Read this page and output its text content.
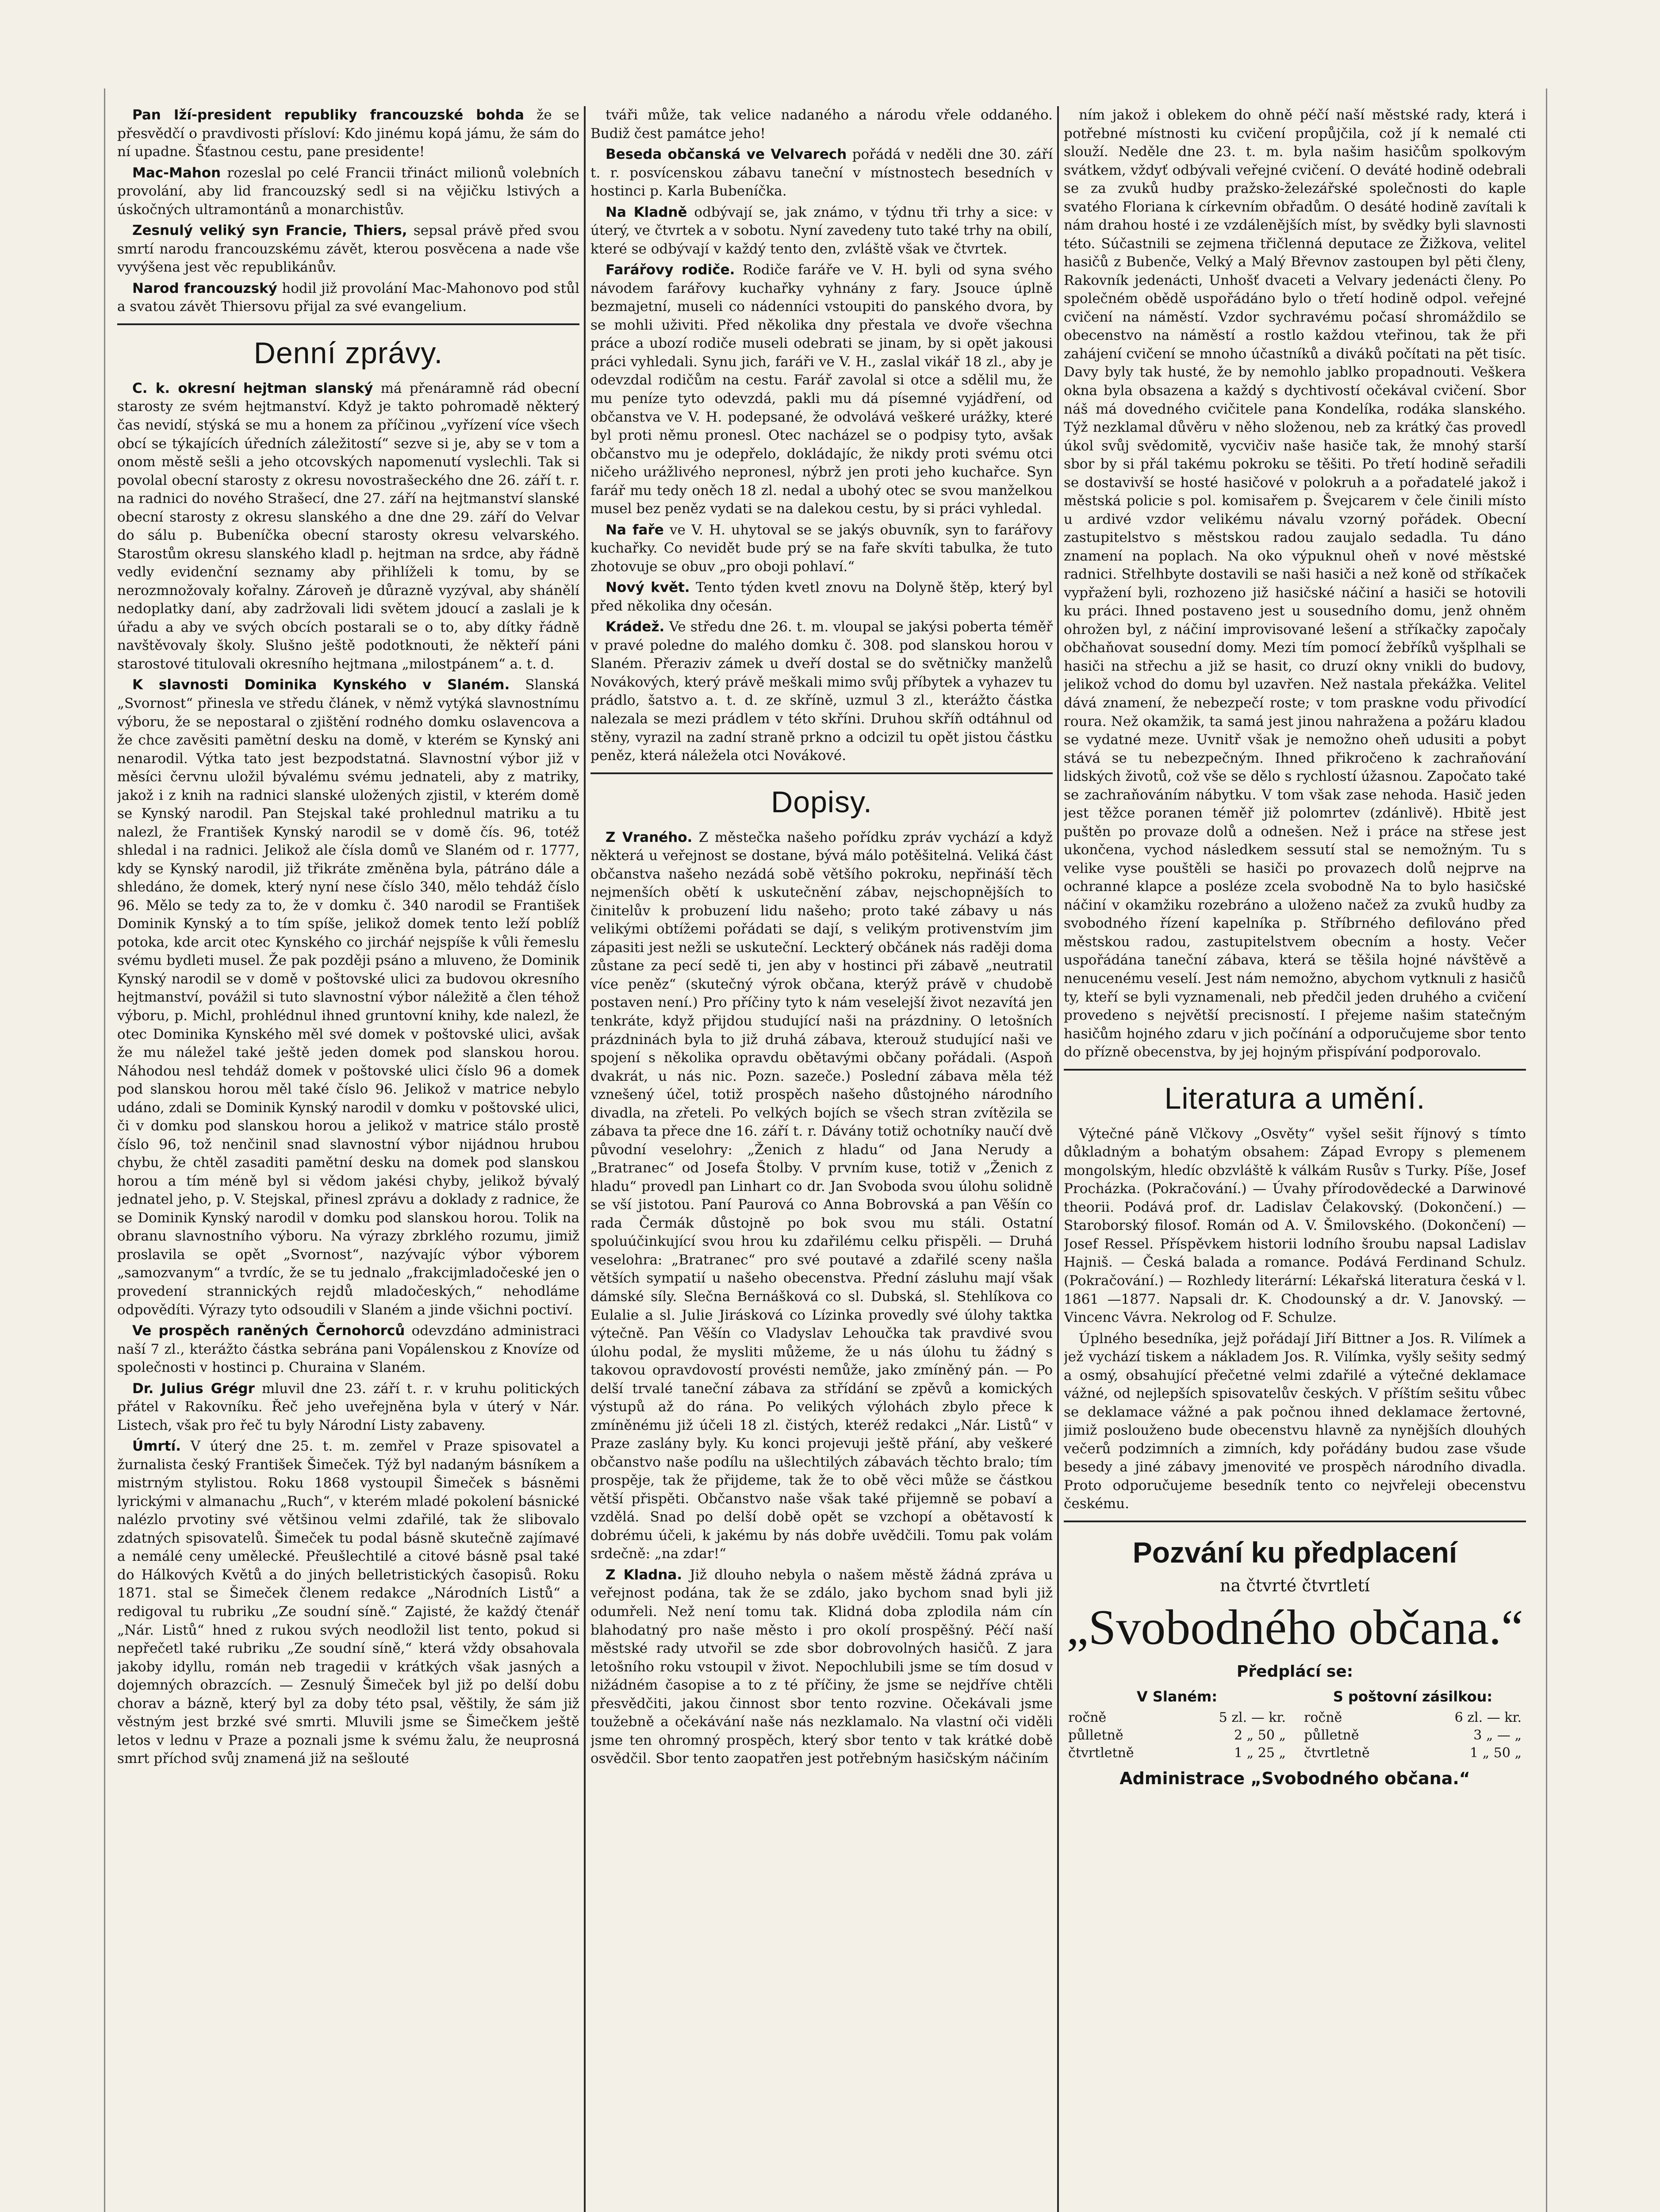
Pan Iží-president republiky francouzské bohda že se přesvědčí o pravdivosti přísloví: Kdo jinému kopá jámu, že sám do ní upadne. Šťastnou cestu, pane presidente!

Mac-Mahon rozeslal po celé Francii třináct milionů volebních provolání, aby lid francouzský sedl si na vějičku lstivých a úskočných ultramontánů a monarchistův.

Zesnulý veliký syn Francie, Thiers, sepsal právě před svou smrtí narodu francouzskému závět, kterou posvěcena a nade vše vyvýšena jest věc republikánův.

Narod francouzský hodil již provolání Mac-Mahonovo pod stůl a svatou závět Thiersovu přijal za své evangelium.

Denní zprávy.

C. k. okresní hejtman slanský má přenáramně rád obecní starosty ze svém hejtmanství. Když je takto pohromadě některý čas nevidí, stýská se mu a honem za příčinou „vyřízení více všech obcí se týkajících úředních záležitostí“ sezve si je, aby se v tom a onom městě sešli a jeho otcovských napomenutí vyslechli. Tak si povolal obecní starosty z okresu novostrašeckého dne 26. září t. r. na radnici do nového Strašecí, dne 27. září na hejtmanství slanské obecní starosty z okresu slanského a dne dne 29. září do Velvar do sálu p. Bubeníčka obecní starosty okresu velvarského. Starostům okresu slanského kladl p. hejtman na srdce, aby řádně vedly evidenční seznamy aby přihlíželi k tomu, by se nerozmnožovaly kořalny. Zároveň je důrazně vyzýval, aby shánělí nedoplatky daní, aby zadržovali lidi světem jdoucí a zaslali je k úřadu a aby ve svých obcích postarali se o to, aby dítky řádně navštěvovaly školy. Slušno ještě podotknouti, že někteří páni starostové titulovali okresního hejtmana „milostpánem“ a. t. d.

K slavnosti Dominika Kynského v Slaném. Slanská „Svornost“ přinesla ve středu článek, v němž vytýká slavnostnímu výboru, že se nepostaral o zjištění rodného domku oslavencova a že chce zavěsiti pamětní desku na domě, v kterém se Kynský ani nenarodil. Výtka tato jest bezpodstatná. Slavnostní výbor již v měsíci červnu uložil bývalému svému jednateli, aby z matriky, jakož i z knih na radnici slanské uložených zjistil, v kterém domě se Kynský narodil. Pan Stejskal také prohlednul matriku a tu nalezl, že František Kynský narodil se v domě čís. 96, totéž shledal i na radnici. Jelikož ale čísla domů ve Slaném od r. 1777, kdy se Kynský narodil, již třikráte změněna byla, pátráno dále a shledáno, že domek, který nyní nese číslo 340, mělo tehdáž číslo 96. Mělo se tedy za to, že v domku č. 340 narodil se František Dominik Kynský a to tím spíše, jelikož domek tento leží poblíž potoka, kde arcit otec Kynského co jircháŕ nejspíše k vůli řemeslu svému bydleti musel. Že pak později psáno a mluveno, že Dominik Kynský narodil se v domě v poštovské ulici za budovou okresního hejtmanství, povážil si tuto slavnostní výbor náležitě a člen téhož výboru, p. Michl, prohlédnul ihned gruntovní knihy, kde nalezl, že otec Dominika Kynského měl své domek v poštovské ulici, avšak že mu náležel také ještě jeden domek pod slanskou horou. Náhodou nesl tehdáž domek v poštovské ulici číslo 96 a domek pod slanskou horou měl také číslo 96. Jelikož v matrice nebylo udáno, zdali se Dominik Kynský narodil v domku v poštovské ulici, či v domku pod slanskou horou a jelikož v matrice stálo prostě číslo 96, tož nenčinil snad slavnostní výbor nijádnou hrubou chybu, že chtěl zasaditi pamětní desku na domek pod slanskou horou a tím méně byl si vědom jakési chyby, jelikož bývalý jednatel jeho, p. V. Stejskal, přinesl zprávu a doklady z radnice, že se Dominik Kynský narodil v domku pod slanskou horou. Tolik na obranu slavnostního výboru. Na výrazy zbrklého rozumu, jimiž proslavila se opět „Svornost“, nazývajíc výbor výborem „samozvanym“ a tvrdíc, že se tu jednalo „frakcijmladočeské jen o provedení strannických rejdů mladočeských,“ nehodláme odpovědíti. Výrazy tyto odsoudili v Slaném a jinde všichni poctiví.

Ve prospěch raněných Černohorců odevzdáno administraci naší 7 zl., kterážto částka sebrána pani Vopálenskou z Knovíze od společnosti v hostinci p. Churaina v Slaném.

Dr. Julius Grégr mluvil dne 23. září t. r. v kruhu politických přátel v Rakovníku. Řeč jeho uveřejněna byla v úterý v Nár. Listech, však pro řeč tu byly Národní Listy zabaveny.

Úmrtí. V úterý dne 25. t. m. zemřel v Praze spisovatel a žurnalista český František Šimeček. Týž byl nadaným básníkem a mistrným stylistou. Roku 1868 vystoupil Šimeček s básněmi lyrickými v almanachu „Ruch“, v kterém mladé pokolení básnické nalézlo prvotiny své většinou velmi zdařilé, tak že slibovalo zdatných spisovatelů. Šimeček tu podal básně skutečně zajímavé a nemálé ceny umělecké. Přeušlechtilé a citové básně psal také do Hálkových Květů a do jiných belletristických časopisů. Roku 1871. stal se Šimeček členem redakce „Národních Listů“ a redigoval tu rubriku „Ze soudní síně.“ Zajisté, že každý čtenář „Nár. Listů“ hned z rukou svých neodložil list tento, pokud si nepřečetl také rubriku „Ze soudní síně,“ která vždy obsahovala jakoby idyllu, román neb tragedii v krátkých však jasných a dojemných obrazcích. — Zesnulý Šimeček byl již po delší dobu chorav a bázně, který byl za doby této psal, věštily, že sám již věstným jest brzké své smrti. Mluvili jsme se Šimečkem ještě letos v lednu v Praze a poznali jsme k svému žalu, že neuprosná smrt příchod svůj znamená již na sešlouté

tváři může, tak velice nadaného a národu vřele oddaného. Budiž čest památce jeho!

Beseda občanská ve Velvarech pořádá v neděli dne 30. září t. r. posvícenskou zábavu taneční v místnostech besedních v hostinci p. Karla Bubeníčka.

Na Kladně odbývají se, jak známo, v týdnu tři trhy a sice: v úterý, ve čtvrtek a v sobotu. Nyní zavedeny tuto také trhy na obilí, které se odbývají v každý tento den, zvláště však ve čtvrtek.

Farářovy rodiče. Rodiče faráře ve V. H. byli od syna svého návodem farářovy kuchařky vyhnány z fary. Jsouce úplně bezmajetní, museli co nádenníci vstoupiti do panského dvora, by se mohli uživiti. Před několika dny přestala ve dvoře všechna práce a ubozí rodiče museli odebrati se jinam, by si opět jakousi práci vyhledali. Synu jich, faráři ve V. H., zaslal vikář 18 zl., aby je odevzdal rodičům na cestu. Farář zavolal si otce a sdělil mu, že mu peníze tyto odevzdá, pakli mu dá písemné vyjádření, od občanstva ve V. H. podepsané, že odvolává veškeré urážky, které byl proti němu pronesl. Otec nacházel se o podpisy tyto, avšak občanstvo mu je odepřelo, dokládajíc, že nikdy proti svému otci ničeho urážlivého nepronesl, nýbrž jen proti jeho kuchařce. Syn farář mu tedy oněch 18 zl. nedal a ubohý otec se svou manželkou musel bez peněz vydati se na dalekou cestu, by si práci vyhledal.

Na faře ve V. H. uhytoval se se jakýs obuvník, syn to farářovy kuchařky. Co nevidět bude prý se na faře skvíti tabulka, že tuto zhotovuje se obuv „pro oboji pohlaví.“

Nový květ. Tento týden kvetl znovu na Dolyně štěp, který byl před několika dny očesán.

Krádež. Ve středu dne 26. t. m. vloupal se jakýsi poberta téměř v pravé poledne do malého domku č. 308. pod slanskou horou v Slaném. Přeraziv zámek u dveří dostal se do světničky manželů Novákových, který právě meškali mimo svůj příbytek a vyhazev tu prádlo, šatstvo a. t. d. ze skříně, uzmul 3 zl., kterážto částka nalezala se mezi prádlem v této skříni. Druhou skříň odtáhnul od stěny, vyrazil na zadní straně prkno a odcizil tu opět jistou částku peněz, která náležela otci Novákové.

Dopisy.

Z Vraného. Z městečka našeho pořídku zpráv vychází a když některá u veřejnost se dostane, bývá málo potěšitelná. Veliká část občanstva našeho nezádá sobě většího pokroku, nepřináší těch nejmenších obětí k uskutečnění zábav, nejschopnějších to činitelův k probuzení lidu našeho; proto také zábavy u nás velikými obtížemi pořádati se dají, s velikým protivenstvím jim zápasiti jest nežli se uskuteční. Leckterý občánek nás raději doma zůstane za pecí sedě ti, jen aby v hostinci při zábavě „neutratil více peněz“ (skutečný výrok občana, kterýž právě v chudobě postaven není.) Pro příčiny tyto k nám veselejší život nezavítá jen tenkráte, když přijdou studující naši na prázdniny. O letošních prázdninách byla to již druhá zábava, kterouž studující naši ve spojení s několika opravdu obětavými občany pořádali. (Aspoň dvakrát, u nás nic. Pozn. sazeče.) Poslední zábava měla též vznešený účel, totiž prospěch našeho důstojného národního divadla, na zřeteli. Po velkých bojích se všech stran zvítězila se zábava ta přece dne 16. září t. r. Dávány totiž ochotníky naučí dvě původní veselohry: „Ženich z hladu“ od Jana Nerudy a „Bratranec“ od Josefa Štolby. V prvním kuse, totiž v „Ženich z hladu“ provedl pan Linhart co dr. Jan Svoboda svou úlohu solidně se vší jistotou. Paní Paurová co Anna Bobrovská a pan Věšín co rada Čermák důstojně po bok svou mu stáli. Ostatní spoluúčinkující svou hrou ku zdařilému celku přispěli. — Druhá veselohra: „Bratranec“ pro své poutavé a zdařilé sceny našla větších sympatií u našeho obecenstva. Přední zásluhu mají však dámské síly. Slečna Bernášková co sl. Dubská, sl. Stehlíkova co Eulalie a sl. Julie Jirásková co Lízinka provedly své úlohy taktka výtečně. Pan Věšín co Vladyslav Lehoučka tak pravdivé svou úlohu podal, že mysliti můžeme, že u nás úlohu tu žádný s takovou opravdovostí provésti nemůže, jako zmíněný pán. — Po delší trvalé taneční zábava za střídání se zpěvů a komických výstupů až do rána. Po velikých výlohách zbylo přece k zmíněnému již účeli 18 zl. čistých, kteréž redakci „Nár. Listů“ v Praze zaslány byly. Ku konci projevuji ještě přání, aby veškeré občanstvo naše podílu na ušlechtilých zábavách těchto bralo; tím prospěje, tak že přijdeme, tak že to obě věci může se částkou větší přispěti. Občanstvo naše však také přijemně se pobaví a vzdělá. Snad po delší době opět se vzchopí a obětavostí k dobrému účeli, k jakému by nás dobře uvědčili. Tomu pak volám srdečně: „na zdar!“

Z Kladna. Již dlouho nebyla o našem městě žádná zpráva u veřejnost podána, tak že se zdálo, jako bychom snad byli již odumřeli. Než není tomu tak. Klidná doba zplodila nám cín blahodatný pro naše město i pro okolí prospěšný. Péčí naší městské rady utvořil se zde sbor dobrovolných hasičů. Z jara letošního roku vstoupil v život. Nepochlubili jsme se tím dosud v nižádném časopise a to z té příčiny, že jsme se nejdříve chtěli přesvědčiti, jakou činnost sbor tento rozvine. Očekávali jsme toužebně a očekávání naše nás nezklamalo. Na vlastní oči viděli jsme ten ohromný prospěch, který sbor tento v tak krátké době osvědčil. Sbor tento zaopatřen jest potřebným hasičským náčiním

ním jakož i oblekem do ohně péčí naší městské rady, která i potřebné místnosti ku cvičení propůjčila, což jí k nemalé cti slouží. Neděle dne 23. t. m. byla našim hasičům spolkovým svátkem, vždyť odbývali veřejné cvičení. O deváté hodině odebrali se za zvuků hudby pražsko-železářské společnosti do kaple svatého Floriana k církevním obřadům. O desáté hodině zavítali k nám drahou hosté i ze vzdálenějších míst, by svědky byli slavnosti této. Súčastnili se zejmena třičlenná deputace ze Žižkova, velitel hasičů z Bubenče, Velký a Malý Břevnov zastoupen byl pěti členy, Rakovník jedenácti, Unhošť dvaceti a Velvary jedenácti členy. Po společném obědě uspořádáno bylo o třetí hodině odpol. veřejné cvičení na náměstí. Vzdor sychravému počasí shromáždilo se obecenstvo na náměstí a rostlo každou vteřinou, tak že při zahájení cvičení se mnoho účastníků a diváků počítati na pět tisíc. Davy byly tak husté, že by nemohlo jablko propadnouti. Veškera okna byla obsazena a každý s dychtivostí očekával cvičení. Sbor náš má dovedného cvičitele pana Kondelíka, rodáka slanského. Týž nezklamal důvěru v něho složenou, neb za krátký čas provedl úkol svůj svědomitě, vycvičiv naše hasiče tak, že mnohý starší sbor by si přál takému pokroku se těšiti. Po třetí hodině seřadili se dostavivší se hosté hasičové v polokruh a a pořadatelé jakož i městská policie s pol. komisařem p. Švejcarem v čele činili místo u ardivé vzdor velikému návalu vzorný pořádek. Obecní zastupitelstvo s městskou radou zaujalo sedadla. Tu dáno znamení na poplach. Na oko výpuknul oheň v nové městské radnici. Střelhbyte dostavili se naši hasiči a než koně od stříkaček vypřažení byli, rozhozeno již hasičské náčiní a hasiči se hotovili ku práci. Ihned postaveno jest u sousedního domu, jenž ohněm ohrožen byl, z náčiní improvisované lešení a stříkačky započaly občhaňovat sousední domy. Mezi tím pomocí žebříků vyšplhali se hasiči na střechu a již se hasit, co druzí okny vnikli do budovy, jelikož vchod do domu byl uzavřen. Než nastala překážka. Velitel dává znamení, že nebezpečí roste; v tom praskne vodu přivodící roura. Než okamžik, ta samá jest jinou nahražena a požáru kladou se vydatné meze. Uvnitř však je nemožno oheň udusiti a pobyt stává se tu nebezpečným. Ihned přikročeno k zachraňování lidských životů, což vše se dělo s rychlostí úžasnou. Započato také se zachraňováním nábytku. V tom však zase nehoda. Hasič jeden jest těžce poranen téměř již polomrtev (zdánlivě). Hbitě jest puštěn po provaze dolů a odnešen. Než i práce na střese jest ukončena, vychod následkem sessutí stal se nemožným. Tu s velike vyse pouštěli se hasiči po provazech dolů nejprve na ochranné klapce a posléze zcela svobodně Na to bylo hasičské náčiní v okamžiku rozebráno a uloženo načež za zvuků hudby za svobodného řízení kapelníka p. Stříbrného defilováno před městskou radou, zastupitelstvem obecním a hosty. Večer uspořádána taneční zábava, která se těšila hojné návštěvě a nenucenému veselí. Jest nám nemožno, abychom vytknuli z hasičů ty, kteří se byli vyznamenali, neb předčil jeden druhého a cvičení provedeno s největší precisností. I přejeme našim statečným hasičům hojného zdaru v jich počínání a odporučujeme sbor tento do přízně obecenstva, by jej hojným přispívání podporovalo.

Literatura a umění.

Výtečné páně Vlčkovy „Osvěty“ vyšel sešit říjnový s tímto důkladným a bohatým obsahem: Západ Evropy s plemenem mongolským, hledíc obzvláště k válkám Rusův s Turky. Píše, Josef Procházka. (Pokračování.) — Úvahy přírodovědecké a Darwinové theorii. Podává prof. dr. Ladislav Čelakovský. (Dokončení.) — Staroborský filosof. Román od A. V. Šmilovského. (Dokončení) — Josef Ressel. Příspěvkem historii lodního šroubu napsal Ladislav Hajniš. — Česká balada a romance. Podává Ferdinand Schulz. (Pokračování.) — Rozhledy literární: Lékařská literatura česká v l. 1861 —1877. Napsali dr. K. Chodounský a dr. V. Janovský. — Vincenc Vávra. Nekrolog od F. Schulze.

Úplného besedníka, jejž pořádají Jiří Bittner a Jos. R. Vilímek a jež vychází tiskem a nákladem Jos. R. Vilímka, vyšly sešity sedmý a osmý, obsahující přečetné velmi zdařilé a výtečné deklamace vážné, od nejlepších spisovatelův českých. V příštím sešitu vůbec se deklamace vážné a pak počnou ihned deklamace žertovné, jimiž poslouženo bude obecenstvu hlavně za nynějších dlouhých večerů podzimních a zimních, kdy pořádány budou zase všude besedy a jiné zábavy jmenovité ve prospěch národního divadla. Proto odporučujeme besedník tento co nejvřeleji obecenstvu českému.

Pozvání ku předplacení
na čtvrté čtvrtletí
„Svobodného občana.“
Předplácí se:
V Slaném:
ročně	5 zl. — kr.
půlletně	2 „ 50 „
čtvrtletně	1 „ 25 „
S poštovní zásilkou:
ročně	6 zl. — kr.
půlletně	3 „ — „
čtvrtletně	1 „ 50 „
Administrace „Svobodného občana.“
